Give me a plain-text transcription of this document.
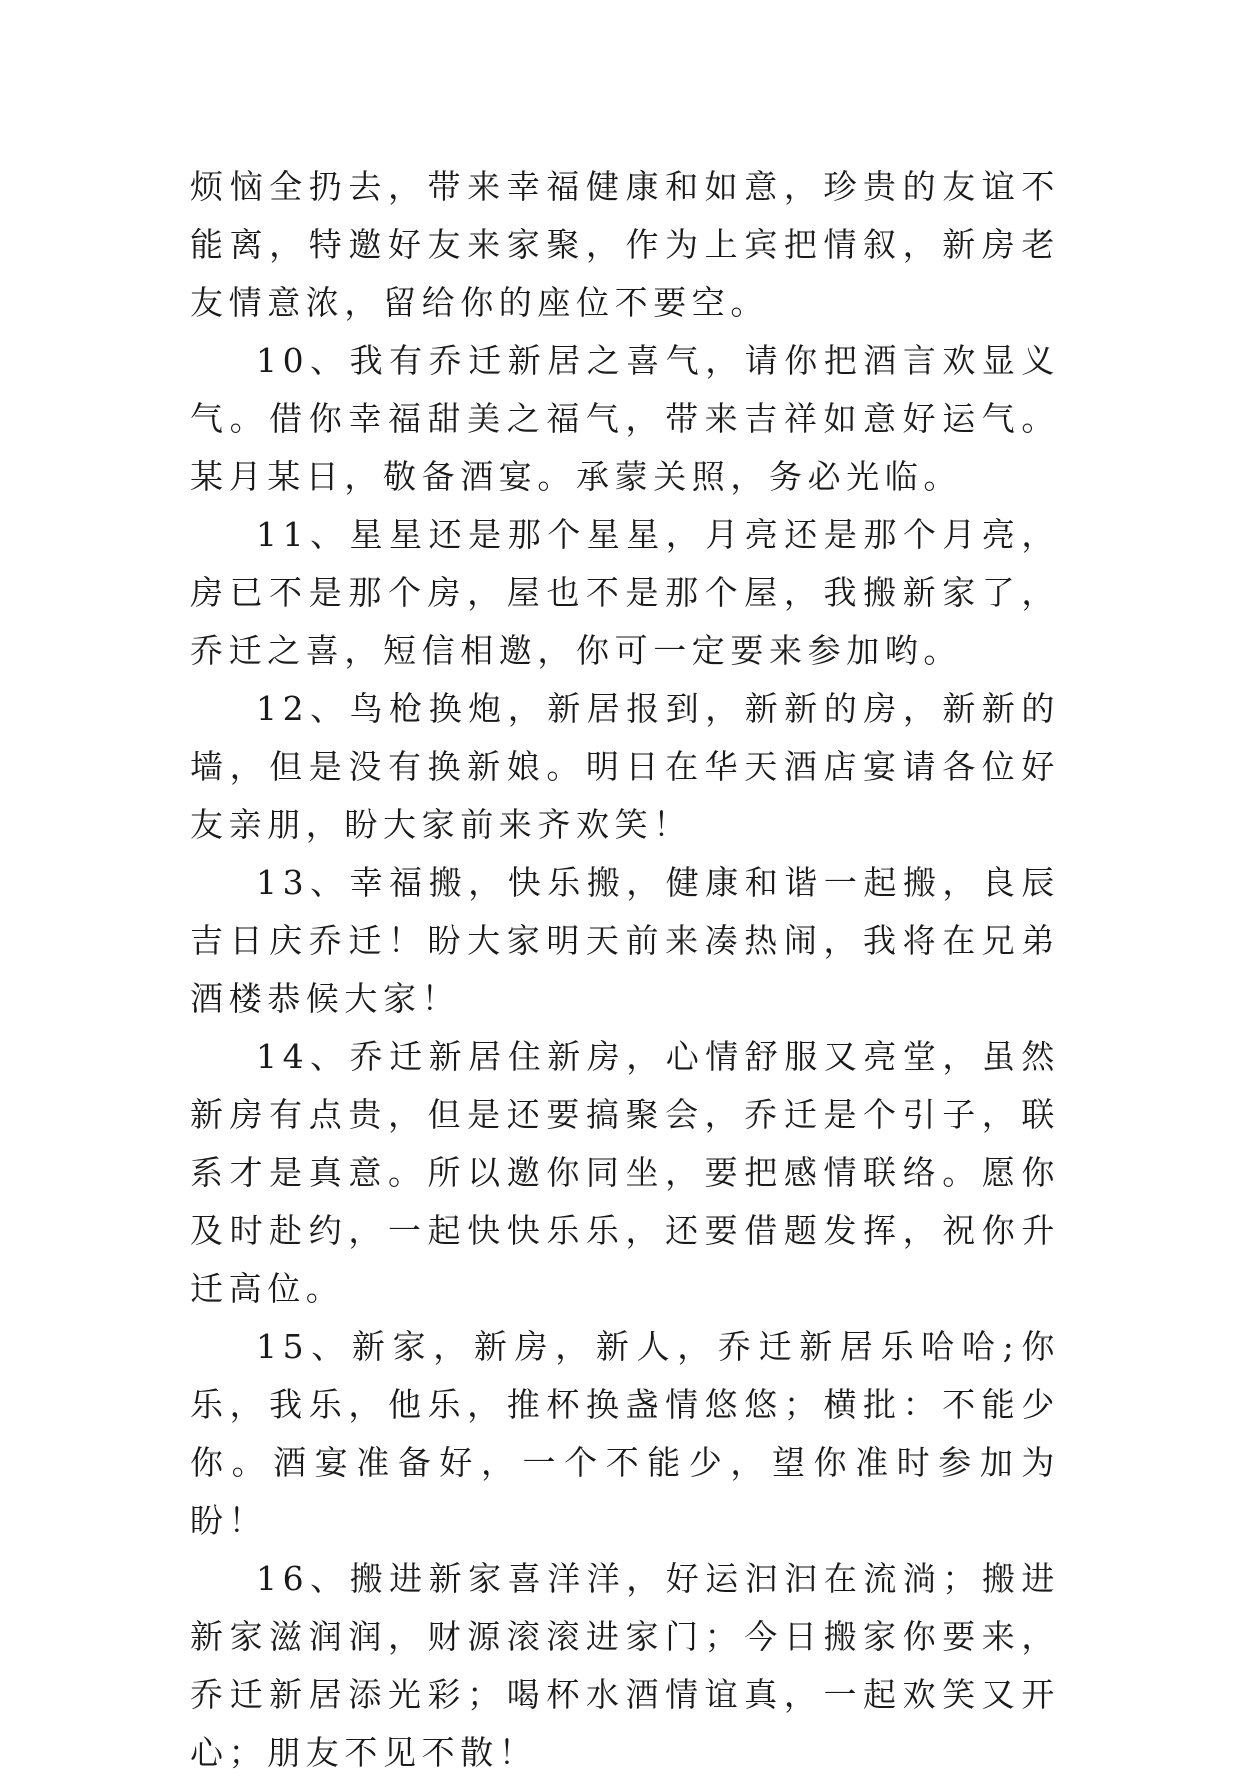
烦恼全扔去，带来幸福健康和如意，珍贵的友谊不能离，特邀好友来家聚，作为上宾把情叙，新房老友情意浓，留给你的座位不要空。

10、我有乔迁新居之喜气，请你把酒言欢显义气。借你幸福甜美之福气，带来吉祥如意好运气。某月某日，敬备酒宴。承蒙关照，务必光临。

11、星星还是那个星星，月亮还是那个月亮，房已不是那个房，屋也不是那个屋，我搬新家了，乔迁之喜，短信相邀，你可一定要来参加哟。

12、鸟枪换炮，新居报到，新新的房，新新的墙，但是没有换新娘。明日在华天酒店宴请各位好友亲朋，盼大家前来齐欢笑！

13、幸福搬，快乐搬，健康和谐一起搬，良辰吉日庆乔迁！盼大家明天前来凑热闹，我将在兄弟酒楼恭候大家！

14、乔迁新居住新房，心情舒服又亮堂，虽然新房有点贵，但是还要搞聚会，乔迁是个引子，联系才是真意。所以邀你同坐，要把感情联络。愿你及时赴约，一起快快乐乐，还要借题发挥，祝你升迁高位。

15、新家，新房，新人，乔迁新居乐哈哈;你乐，我乐，他乐，推杯换盏情悠悠；横批：不能少你。酒宴准备好，一个不能少，望你准时参加为盼！

16、搬进新家喜洋洋，好运汩汩在流淌；搬进新家滋润润，财源滚滚进家门；今日搬家你要来，乔迁新居添光彩；喝杯水酒情谊真，一起欢笑又开心；朋友不见不散！
